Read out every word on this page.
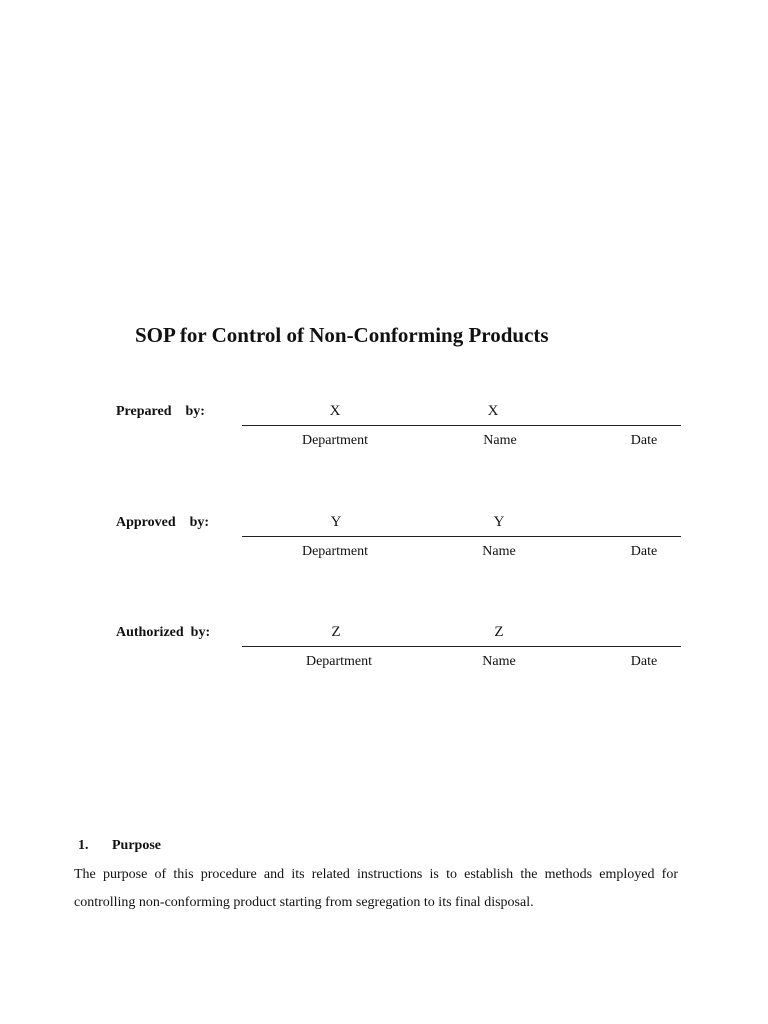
SOP for Control of Non-Conforming Products
Prepared    by:	X	X
Department	Name	Date
Approved    by:	Y	Y
Department	Name	Date
Authorized  by:	Z	Z
Department	Name	Date
1. Purpose
The purpose of this procedure and its related instructions is to establish the methods employed for controlling non-conforming product starting from segregation to its final disposal.
